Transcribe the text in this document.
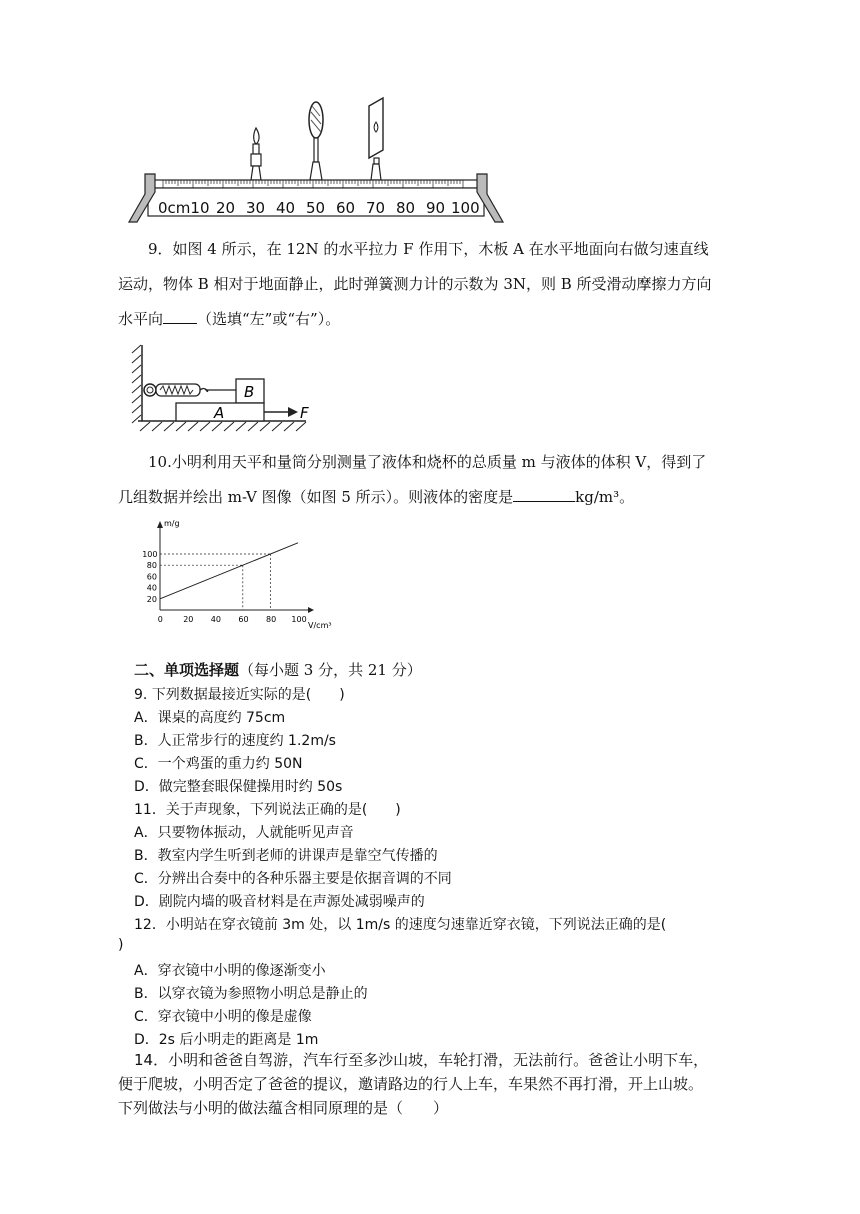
0cm10 20 30 40 50 60 70 80 90 100
9．如图 4 所示，在 12N 的水平拉力 F 作用下，木板 A 在水平地面向右做匀速直线
运动，物体 B 相对于地面静止，此时弹簧测力计的示数为 3N，则 B 所受滑动摩擦力方向
水平向 （选填“左”或“右”）。
B
A	F
10.小明利用天平和量筒分别测量了液体和烧杯的总质量 m 与液体的体积 V，得到了
几组数据并绘出 m-V 图像（如图 5 所示）。则液体的密度是	kg/m³。
m/g
V/cm³
0	20 40 60 80 100
20
40
60
80
100
二、单项选择题（每小题 3 分，共 21 分）
9. 下列数据最接近实际的是(　　)
A．课桌的高度约 75cm
B．人正常步行的速度约 1.2m/s
C．一个鸡蛋的重力约 50N
D．做完整套眼保健操用时约 50s
11．关于声现象，下列说法正确的是(　　)
A．只要物体振动，人就能听见声音
B．教室内学生听到老师的讲课声是靠空气传播的
C．分辨出合奏中的各种乐器主要是依据音调的不同
D．剧院内墙的吸音材料是在声源处减弱噪声的
12．小明站在穿衣镜前 3m 处，以 1m/s 的速度匀速靠近穿衣镜，下列说法正确的是(
)
A．穿衣镜中小明的像逐渐变小
B．以穿衣镜为参照物小明总是静止的
C．穿衣镜中小明的像是虚像
D．2s 后小明走的距离是 1m
14．小明和爸爸自驾游，汽车行至多沙山坡，车轮打滑，无法前行。爸爸让小明下车，
便于爬坡，小明否定了爸爸的提议，邀请路边的行人上车，车果然不再打滑，开上山坡。
下列做法与小明的做法蕴含相同原理的是（　　）
